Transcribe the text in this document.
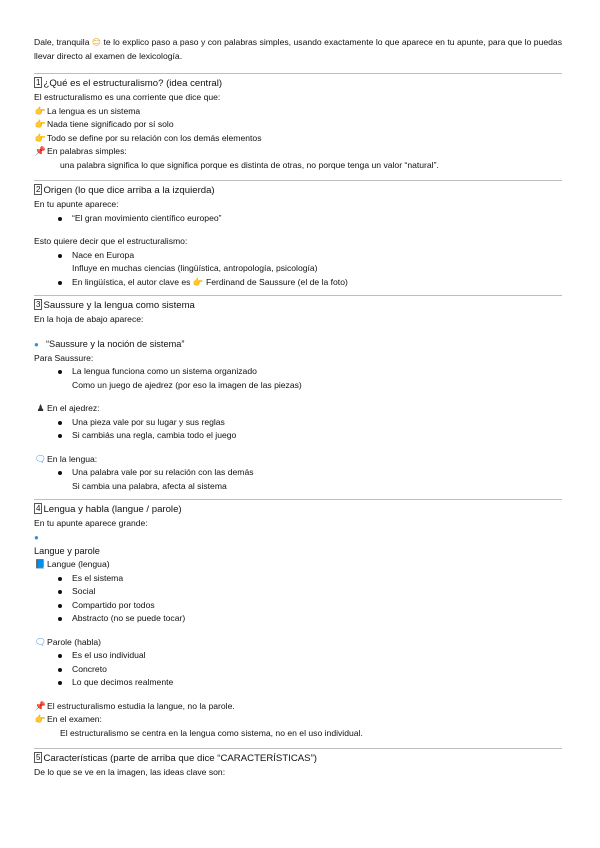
Dale, tranquila 😊 te lo explico paso a paso y con palabras simples, usando exactamente lo que aparece en tu apunte, para que lo puedas llevar directo al examen de lexicología.

1 ¿Qué es el estructuralismo? (idea central)
El estructuralismo es una corriente que dice que:
👉La lengua es un sistema
👉Nada tiene significado por sí solo
👉Todo se define por su relación con los demás elementos
📌En palabras simples:
una palabra significa lo que significa porque es distinta de otras, no porque tenga un valor “natural”.
2 Origen (lo que dice arriba a la izquierda)
En tu apunte aparece:
“El gran movimiento científico europeo”
Esto quiere decir que el estructuralismo:
Nace en Europa
Influye en muchas ciencias (lingüística, antropología, psicología)
En lingüística, el autor clave es 👉 Ferdinand de Saussure (el de la foto)
3 Saussure y la lengua como sistema
En la hoja de abajo aparece:
● “Saussure y la noción de sistema”
Para Saussure:
La lengua funciona como un sistema organizado
Como un juego de ajedrez (por eso la imagen de las piezas)
♟ En el ajedrez:
Una pieza vale por su lugar y sus reglas
Si cambiás una regla, cambia todo el juego
🗨En la lengua:
Una palabra vale por su relación con las demás
Si cambia una palabra, afecta al sistema
4 Lengua y habla (langue / parole)
En tu apunte aparece grande:
●
Langue y parole
📘Langue (lengua)
Es el sistema
Social
Compartido por todos
Abstracto (no se puede tocar)
🗨Parole (habla)
Es el uso individual
Concreto
Lo que decimos realmente
📌El estructuralismo estudia la langue, no la parole.
👉En el examen:
El estructuralismo se centra en la lengua como sistema, no en el uso individual.
5 Características (parte de arriba que dice “CARACTERÍSTICAS”)
De lo que se ve en la imagen, las ideas clave son:
